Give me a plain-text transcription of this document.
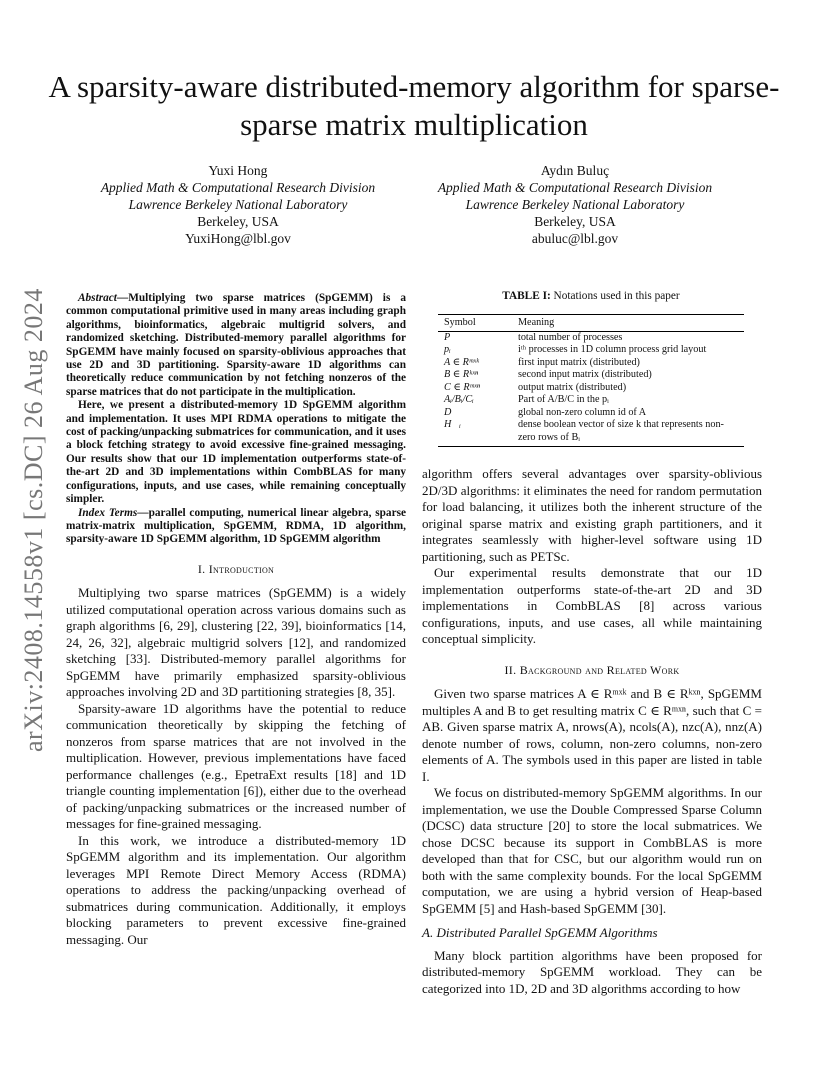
A sparsity-aware distributed-memory algorithm for sparse-sparse matrix multiplication
Yuxi Hong
Applied Math & Computational Research Division
Lawrence Berkeley National Laboratory
Berkeley, USA
YuxiHong@lbl.gov
Aydın Buluç
Applied Math & Computational Research Division
Lawrence Berkeley National Laboratory
Berkeley, USA
abuluc@lbl.gov
arXiv:2408.14558v1 [cs.DC] 26 Aug 2024	Abstract—Multiplying two sparse matrices (SpGEMM) is a common computational primitive used in many areas including graph algorithms, bioinformatics, algebraic multigrid solvers, and randomized sketching. Distributed-memory parallel algorithms for SpGEMM have mainly focused on sparsity-oblivious approaches that use 2D and 3D partitioning. Sparsity-aware 1D algorithms can theoretically reduce communication by not fetching nonzeros of the sparse matrices that do not participate in the multiplication.

Here, we present a distributed-memory 1D SpGEMM algorithm and implementation. It uses MPI RDMA operations to mitigate the cost of packing/unpacking submatrices for communication, and it uses a block fetching strategy to avoid excessive fine-grained messaging. Our results show that our 1D implementation outperforms state-of-the-art 2D and 3D implementations within CombBLAS for many configurations, inputs, and use cases, while remaining conceptually simpler.

Index Terms—parallel computing, numerical linear algebra, sparse matrix-matrix multiplication, SpGEMM, RDMA, 1D algorithm, sparsity-aware 1D SpGEMM algorithm, 1D SpGEMM algorithm

I. Introduction

Multiplying two sparse matrices (SpGEMM) is a widely utilized computational operation across various domains such as graph algorithms [6, 29], clustering [22, 39], bioinformatics [14, 24, 26, 32], algebraic multigrid solvers [12], and randomized sketching [33]. Distributed-memory parallel algorithms for SpGEMM have primarily emphasized sparsity-oblivious approaches involving 2D and 3D partitioning strategies [8, 35].

Sparsity-aware 1D algorithms have the potential to reduce communication theoretically by skipping the fetching of nonzeros from sparse matrices that are not involved in the multiplication. However, previous implementations have faced performance challenges (e.g., EpetraExt results [18] and 1D triangle counting implementation [6]), either due to the overhead of packing/unpacking submatrices or the increased number of messages for fine-grained messaging.

In this work, we introduce a distributed-memory 1D SpGEMM algorithm and its implementation. Our algorithm leverages MPI Remote Direct Memory Access (RDMA) operations to address the packing/unpacking overhead of submatrices during communication. Additionally, it employs blocking parameters to prevent excessive fine-grained messaging. Our

TABLE I: Notations used in this paper
Symbol	Meaning
P	total number of processes
pᵢ	iᵗʰ processes in 1D column process grid layout
A ∈ Rᵐˣᵏ	first input matrix (distributed)
B ∈ Rᵏˣⁿ	second input matrix (distributed)
C ∈ Rᵐˣⁿ	output matrix (distributed)
Aᵢ/Bᵢ/Cᵢ	Part of A/B/C in the pᵢ
D⃗	global non-zero column id of A
H⃗ᵢ	dense boolean vector of size k that represents non-zero rows of Bᵢ

algorithm offers several advantages over sparsity-oblivious 2D/3D algorithms: it eliminates the need for random permutation for load balancing, it utilizes both the inherent structure of the original sparse matrix and existing graph partitioners, and it integrates seamlessly with higher-level software using 1D partitioning, such as PETSc.

Our experimental results demonstrate that our 1D implementation outperforms state-of-the-art 2D and 3D implementations in CombBLAS [8] across various configurations, inputs, and use cases, all while maintaining conceptual simplicity.

II. Background and Related Work

Given two sparse matrices A ∈ Rᵐˣᵏ and B ∈ Rᵏˣⁿ, SpGEMM multiples A and B to get resulting matrix C ∈ Rᵐˣⁿ, such that C = AB. Given sparse matrix A, nrows(A), ncols(A), nzc(A), nnz(A) denote number of rows, column, non-zero columns, non-zero elements of A. The symbols used in this paper are listed in table I.

We focus on distributed-memory SpGEMM algorithms. In our implementation, we use the Double Compressed Sparse Column (DCSC) data structure [20] to store the local submatrices. We chose DCSC because its support in CombBLAS is more developed than that for CSC, but our algorithm would run on both with the same complexity bounds. For the local SpGEMM computation, we are using a hybrid version of Heap-based SpGEMM [5] and Hash-based SpGEMM [30].

A. Distributed Parallel SpGEMM Algorithms

Many block partition algorithms have been proposed for distributed-memory SpGEMM workload. They can be categorized into 1D, 2D and 3D algorithms according to how
